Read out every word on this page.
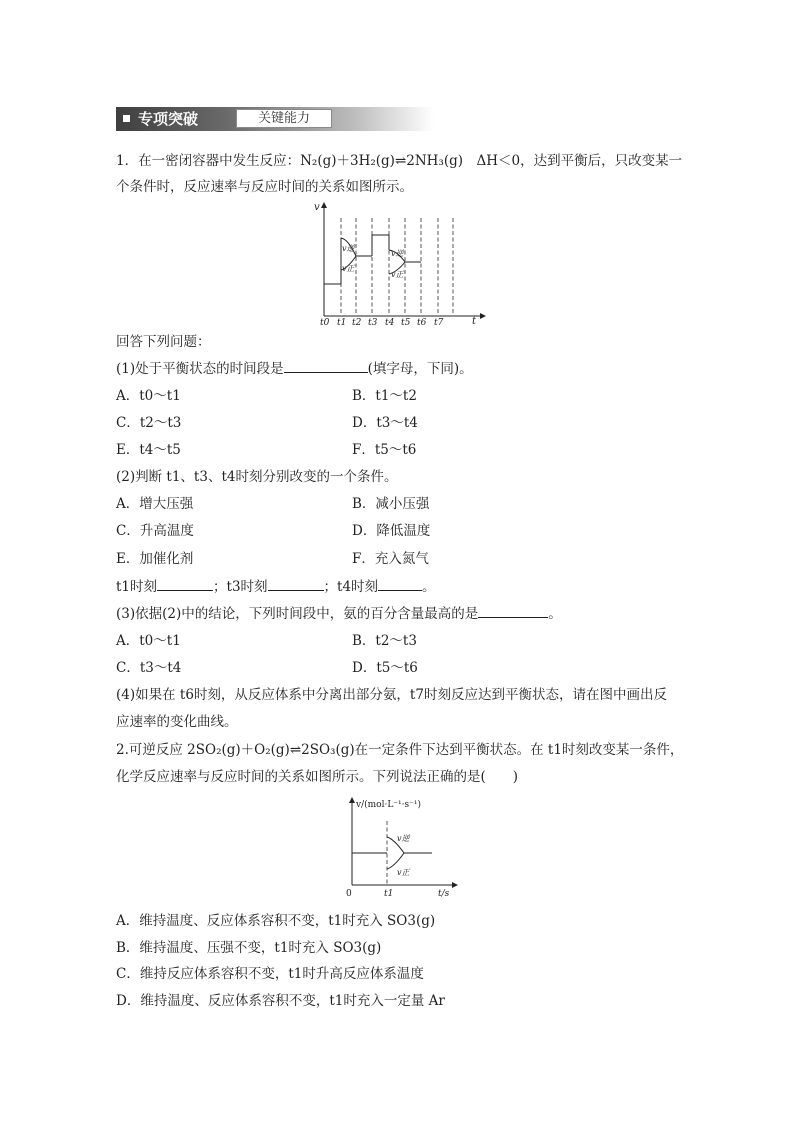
专项突破	关键能力
1．在一密闭容器中发生反应：N₂(g)＋3H₂(g)⇌2NH₃(g)　ΔH＜0，达到平衡后，只改变某一
个条件时，反应速率与反应时间的关系如图所示。
v
t
v逆
v正
v逆
v正
t0 t1 t2 t3 t4 t5 t6 t7
回答下列问题：
(1)处于平衡状态的时间段是	(填字母，下同)。
A．t0～t1	B．t1～t2
C．t2～t3	D．t3～t4
E．t4～t5	F．t5～t6
(2)判断 t1、t3、t4时刻分别改变的一个条件。
A．增大压强	B．减小压强
C．升高温度	D．降低温度
E．加催化剂	F．充入氮气
t1时刻	；t3时刻	；t4时刻	。
(3)依据(2)中的结论，下列时间段中，氨的百分含量最高的是	。
A．t0～t1	B．t2～t3
C．t3～t4	D．t5～t6
(4)如果在 t6时刻，从反应体系中分离出部分氨，t7时刻反应达到平衡状态，请在图中画出反
应速率的变化曲线。
2.可逆反应 2SO₂(g)＋O₂(g)⇌2SO₃(g)在一定条件下达到平衡状态。在 t1时刻改变某一条件，
化学反应速率与反应时间的关系如图所示。下列说法正确的是(　　)
v/(mol·L⁻¹·s⁻¹)
0	t/s
t1
v逆
v正
A．维持温度、反应体系容积不变，t1时充入 SO3(g)
B．维持温度、压强不变，t1时充入 SO3(g)
C．维持反应体系容积不变，t1时升高反应体系温度
D．维持温度、反应体系容积不变，t1时充入一定量 Ar
